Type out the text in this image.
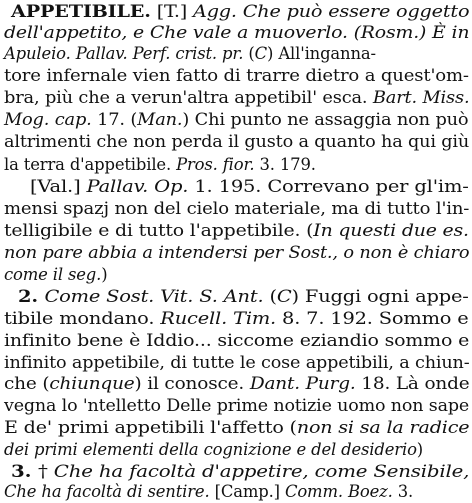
APPETIBILE. [T.] Agg. Che può essere oggetto
dell'appetito, e Che vale a muoverlo. (Rosm.) È in
Apuleio. Pallav. Perf. crist. pr. (C) All'inganna-
tore infernale vien fatto di trarre dietro a quest'om-
bra, più che a verun'altra appetibil' esca. Bart. Miss.
Mog. cap. 17. (Man.) Chi punto ne assaggia non può
altrimenti che non perda il gusto a quanto ha qui giù
la terra d'appetibile. Pros. fior. 3. 179.
[Val.] Pallav. Op. 1. 195. Correvano per gl'im-
mensi spazj non del cielo materiale, ma di tutto l'in-
telligibile e di tutto l'appetibile. (In questi due es.
non pare abbia a intendersi per Sost., o non è chiaro
come il seg.)
2. Come Sost. Vit. S. Ant. (C) Fuggi ogni appe-
tibile mondano. Rucell. Tim. 8. 7. 192. Sommo e
infinito bene è Iddio... siccome eziandio sommo e
infinito appetibile, di tutte le cose appetibili, a chiun-
che (chiunque) il conosce. Dant. Purg. 18. Là onde
vegna lo 'ntelletto Delle prime notizie uomo non sape
E de' primi appetibili l'affetto (non si sa la radice
dei primi elementi della cognizione e del desiderio)
3. † Che ha facoltà d'appetire, come Sensibile,
Che ha facoltà di sentire. [Camp.] Comm. Boez. 3.
